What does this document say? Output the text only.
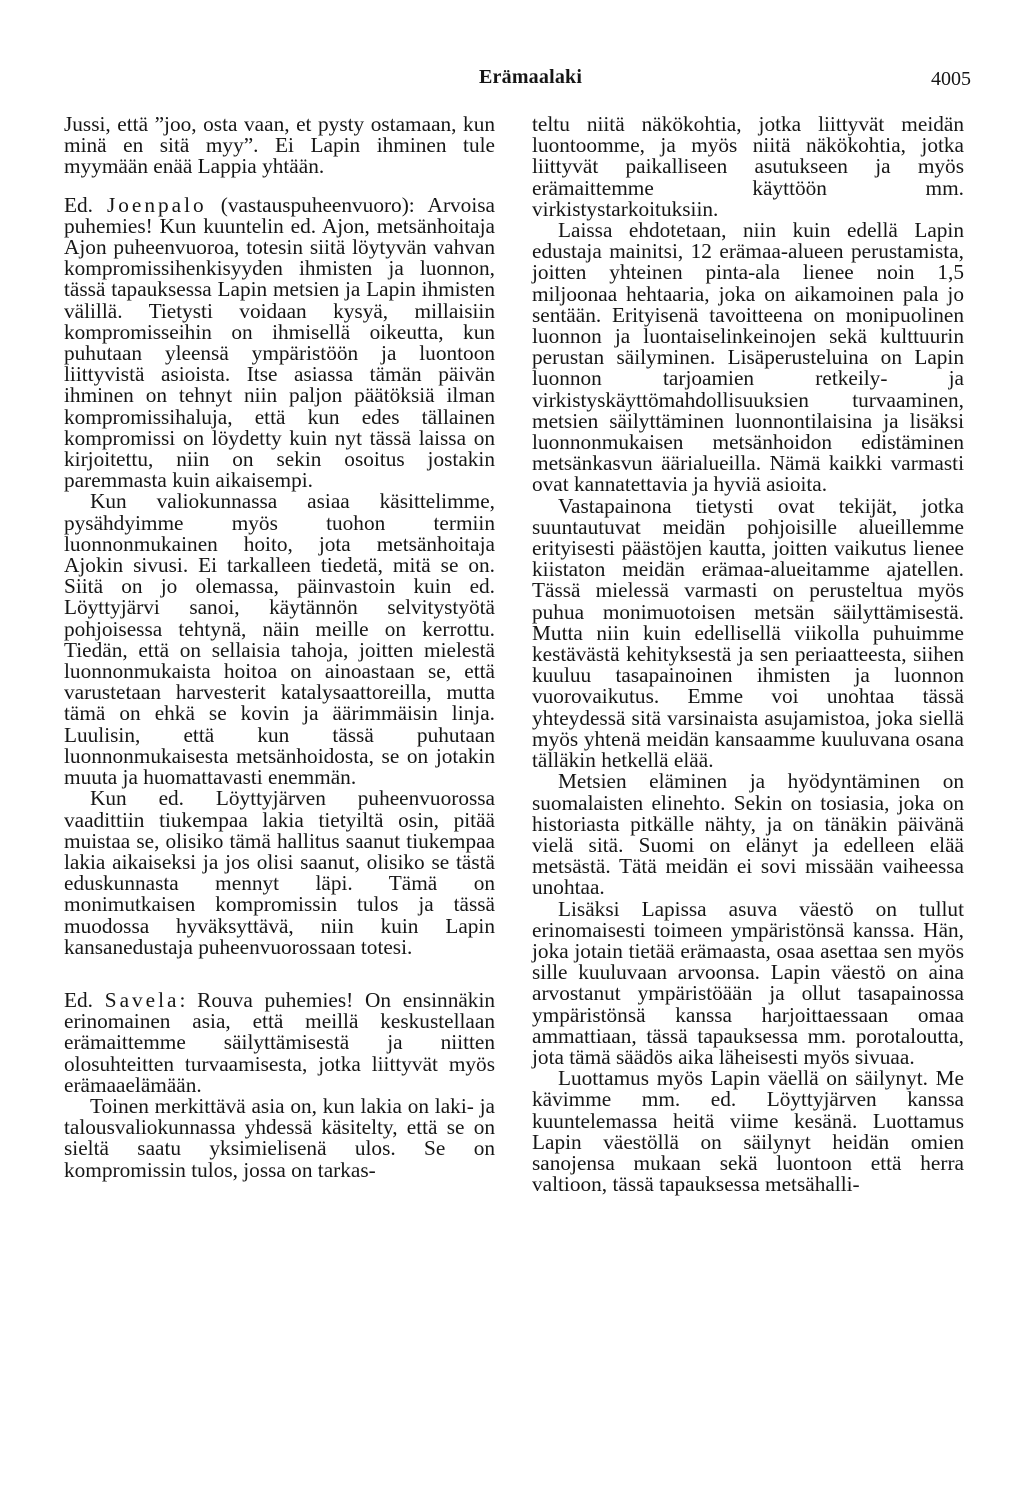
Erämaalaki	4005

Jussi, että ”joo, osta vaan, et pysty ostamaan, kun minä en sitä myy”. Ei Lapin ihminen tule myymään enää Lappia yhtään.

Ed. Joenpalo (vastauspuheenvuoro): Arvoisa puhemies! Kun kuuntelin ed. Ajon, metsänhoitaja Ajon puheenvuoroa, totesin siitä löytyvän vahvan kompromissihenkisyyden ihmisten ja luonnon, tässä tapauksessa Lapin metsien ja Lapin ihmisten välillä. Tietysti voidaan kysyä, millaisiin kompromisseihin on ihmisellä oikeutta, kun puhutaan yleensä ympäristöön ja luontoon liittyvistä asioista. Itse asiassa tämän päivän ihminen on tehnyt niin paljon päätöksiä ilman kompromissihaluja, että kun edes tällainen kompromissi on löydetty kuin nyt tässä laissa on kirjoitettu, niin on sekin osoitus jostakin paremmasta kuin aikaisempi.

Kun valiokunnassa asiaa käsittelimme, pysähdyimme myös tuohon termiin luonnonmukainen hoito, jota metsänhoitaja Ajokin sivusi. Ei tarkalleen tiedetä, mitä se on. Siitä on jo olemassa, päinvastoin kuin ed. Löyttyjärvi sanoi, käytännön selvitystyötä pohjoisessa tehtynä, näin meille on kerrottu. Tiedän, että on sellaisia tahoja, joitten mielestä luonnonmukaista hoitoa on ainoastaan se, että varustetaan harvesterit katalysaattoreilla, mutta tämä on ehkä se kovin ja äärimmäisin linja. Luulisin, että kun tässä puhutaan luonnonmukaisesta metsänhoidosta, se on jotakin muuta ja huomattavasti enemmän.

Kun ed. Löyttyjärven puheenvuorossa vaadittiin tiukempaa lakia tietyiltä osin, pitää muistaa se, olisiko tämä hallitus saanut tiukempaa lakia aikaiseksi ja jos olisi saanut, olisiko se tästä eduskunnasta mennyt läpi. Tämä on monimutkaisen kompromissin tulos ja tässä muodossa hyväksyttävä, niin kuin Lapin kansanedustaja puheenvuorossaan totesi.

Ed. Savela: Rouva puhemies! On ensinnäkin erinomainen asia, että meillä keskustellaan erämaittemme säilyttämisestä ja niitten olosuhteitten turvaamisesta, jotka liittyvät myös erämaaelämään.

Toinen merkittävä asia on, kun lakia on laki- ja talousvaliokunnassa yhdessä käsitelty, että se on sieltä saatu yksimielisenä ulos. Se on kompromissin tulos, jossa on tarkas-

teltu niitä näkökohtia, jotka liittyvät meidän luontoomme, ja myös niitä näkökohtia, jotka liittyvät paikalliseen asutukseen ja myös erämaittemme käyttöön mm. virkistystarkoituksiin.

Laissa ehdotetaan, niin kuin edellä Lapin edustaja mainitsi, 12 erämaa-alueen perustamista, joitten yhteinen pinta-ala lienee noin 1,5 miljoonaa hehtaaria, joka on aikamoinen pala jo sentään. Erityisenä tavoitteena on monipuolinen luonnon ja luontaiselinkeinojen sekä kulttuurin perustan säilyminen. Lisäperusteluina on Lapin luonnon tarjoamien retkeily- ja virkistyskäyttömahdollisuuksien turvaaminen, metsien säilyttäminen luonnontilaisina ja lisäksi luonnonmukaisen metsänhoidon edistäminen metsänkasvun äärialueilla. Nämä kaikki varmasti ovat kannatettavia ja hyviä asioita.

Vastapainona tietysti ovat tekijät, jotka suuntautuvat meidän pohjoisille alueillemme erityisesti päästöjen kautta, joitten vaikutus lienee kiistaton meidän erämaa-alueitamme ajatellen. Tässä mielessä varmasti on perusteltua myös puhua monimuotoisen metsän säilyttämisestä. Mutta niin kuin edellisellä viikolla puhuimme kestävästä kehityksestä ja sen periaatteesta, siihen kuuluu tasapainoinen ihmisten ja luonnon vuorovaikutus. Emme voi unohtaa tässä yhteydessä sitä varsinaista asujamistoa, joka siellä myös yhtenä meidän kansaamme kuuluvana osana tälläkin hetkellä elää.

Metsien eläminen ja hyödyntäminen on suomalaisten elinehto. Sekin on tosiasia, joka on historiasta pitkälle nähty, ja on tänäkin päivänä vielä sitä. Suomi on elänyt ja edelleen elää metsästä. Tätä meidän ei sovi missään vaiheessa unohtaa.

Lisäksi Lapissa asuva väestö on tullut erinomaisesti toimeen ympäristönsä kanssa. Hän, joka jotain tietää erämaasta, osaa asettaa sen myös sille kuuluvaan arvoonsa. Lapin väestö on aina arvostanut ympäristöään ja ollut tasapainossa ympäristönsä kanssa harjoittaessaan omaa ammattiaan, tässä tapauksessa mm. porotaloutta, jota tämä säädös aika läheisesti myös sivuaa.

Luottamus myös Lapin väellä on säilynyt. Me kävimme mm. ed. Löyttyjärven kanssa kuuntelemassa heitä viime kesänä. Luottamus Lapin väestöllä on säilynyt heidän omien sanojensa mukaan sekä luontoon että herra valtioon, tässä tapauksessa metsähalli-
